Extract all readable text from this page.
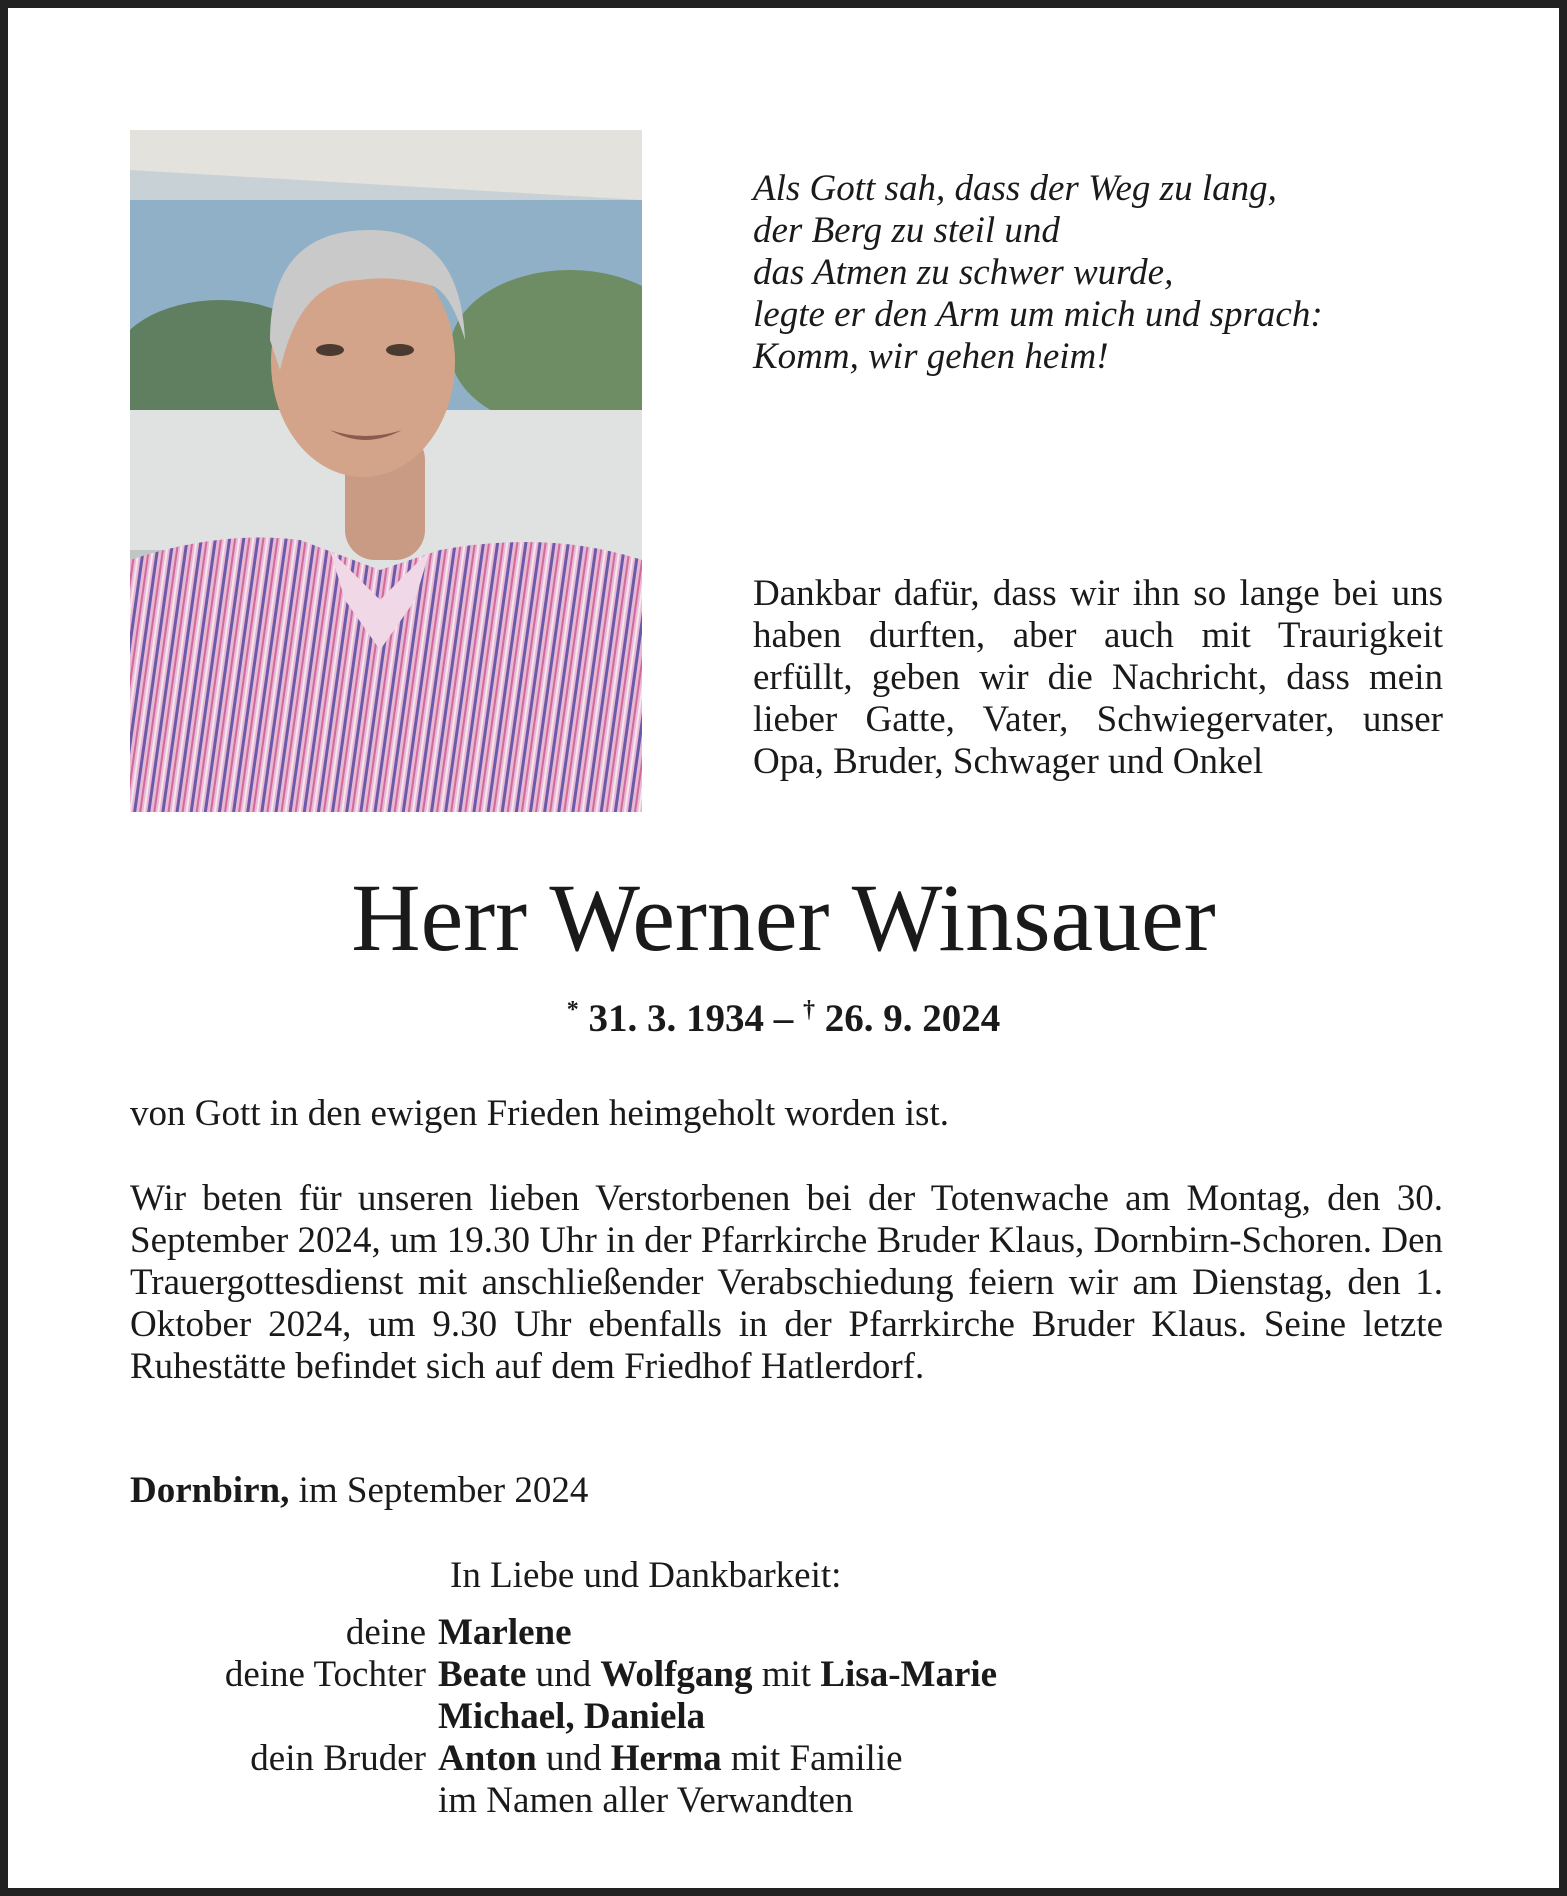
Als Gott sah, dass der Weg zu lang,
der Berg zu steil und
das Atmen zu schwer wurde,
legte er den Arm um mich und sprach:
Komm, wir gehen heim!
Dankbar dafür, dass wir ihn so lange bei uns haben durften, aber auch mit Traurigkeit erfüllt, geben wir die Nachricht, dass mein lieber Gatte, Vater, Schwiegervater, unser Opa, Bruder, Schwager und Onkel
Herr Werner Winsauer
* 31. 3. 1934 – † 26. 9. 2024
von Gott in den ewigen Frieden heimgeholt worden ist.
Wir beten für unseren lieben Verstorbenen bei der Totenwache am Montag, den 30. September 2024, um 19.30 Uhr in der Pfarrkirche Bruder Klaus, Dornbirn-Schoren. Den Trauergottesdienst mit anschließender Verabschiedung feiern wir am Dienstag, den 1. Oktober 2024, um 9.30 Uhr ebenfalls in der Pfarrkirche Bruder Klaus. Seine letzte Ruhestätte befindet sich auf dem Friedhof Hatlerdorf.
Dornbirn, im September 2024
In Liebe und Dankbarkeit:
deine Marlene
deine Tochter Beate und Wolfgang mit Lisa-Marie
Michael, Daniela
dein Bruder Anton und Herma mit Familie
im Namen aller Verwandten
